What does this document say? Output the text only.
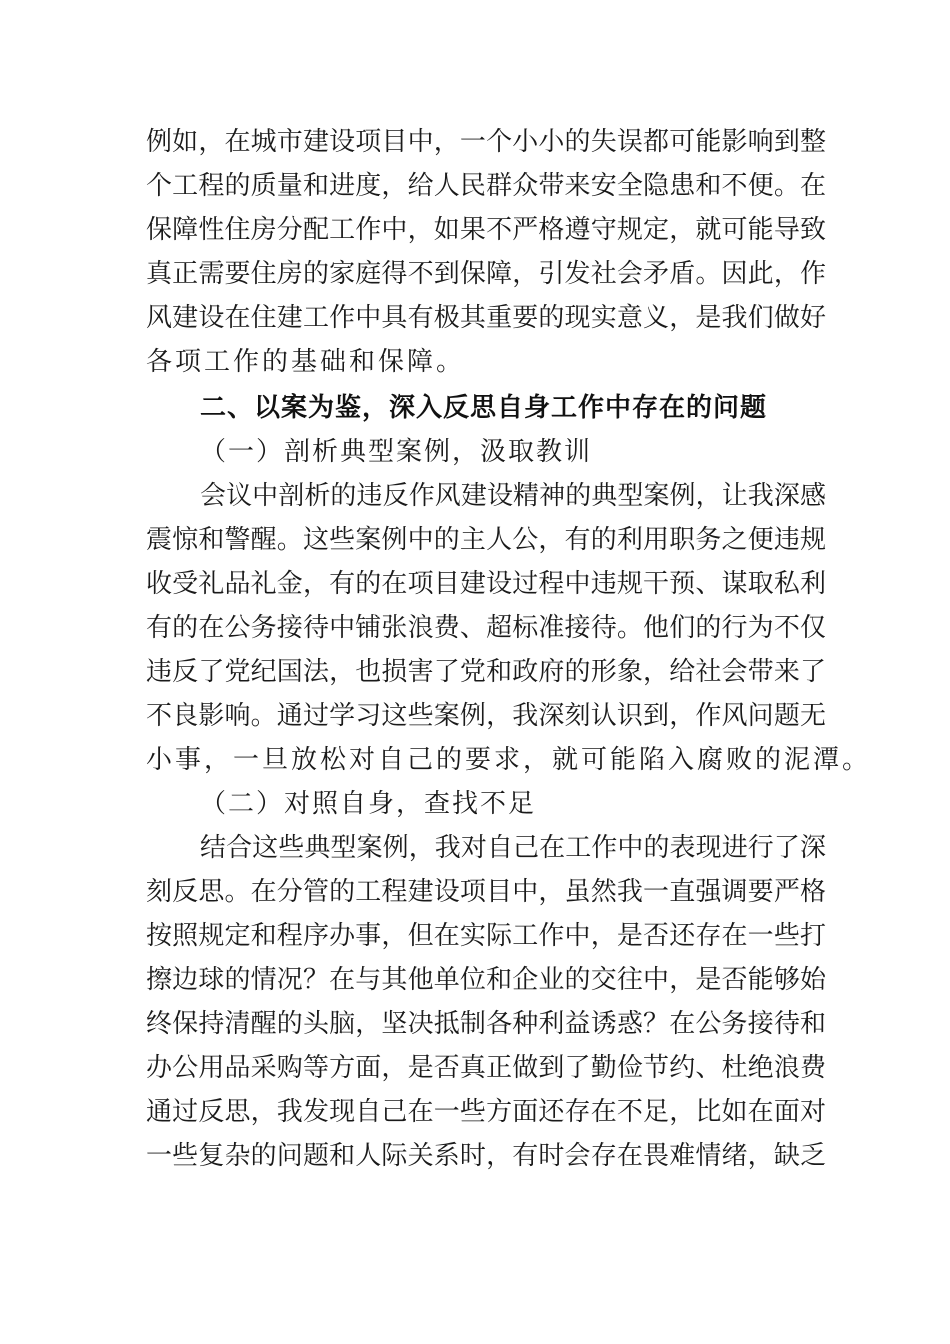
例如，在城市建设项目中，一个小小的失误都可能影响到整
个工程的质量和进度，给人民群众带来安全隐患和不便。在
保障性住房分配工作中，如果不严格遵守规定，就可能导致
真正需要住房的家庭得不到保障，引发社会矛盾。因此，作
风建设在住建工作中具有极其重要的现实意义，是我们做好
各项工作的基础和保障。
二、以案为鉴，深入反思自身工作中存在的问题
（一）剖析典型案例，汲取教训
会议中剖析的违反作风建设精神的典型案例，让我深感
震惊和警醒。这些案例中的主人公，有的利用职务之便违规
收受礼品礼金，有的在项目建设过程中违规干预、谋取私利
有的在公务接待中铺张浪费、超标准接待。他们的行为不仅
违反了党纪国法，也损害了党和政府的形象，给社会带来了
不良影响。通过学习这些案例，我深刻认识到，作风问题无
小事，一旦放松对自己的要求，就可能陷入腐败的泥潭。
（二）对照自身，查找不足
结合这些典型案例，我对自己在工作中的表现进行了深
刻反思。在分管的工程建设项目中，虽然我一直强调要严格
按照规定和程序办事，但在实际工作中，是否还存在一些打
擦边球的情况？在与其他单位和企业的交往中，是否能够始
终保持清醒的头脑，坚决抵制各种利益诱惑？在公务接待和
办公用品采购等方面，是否真正做到了勤俭节约、杜绝浪费
通过反思，我发现自己在一些方面还存在不足，比如在面对
一些复杂的问题和人际关系时，有时会存在畏难情绪，缺乏
